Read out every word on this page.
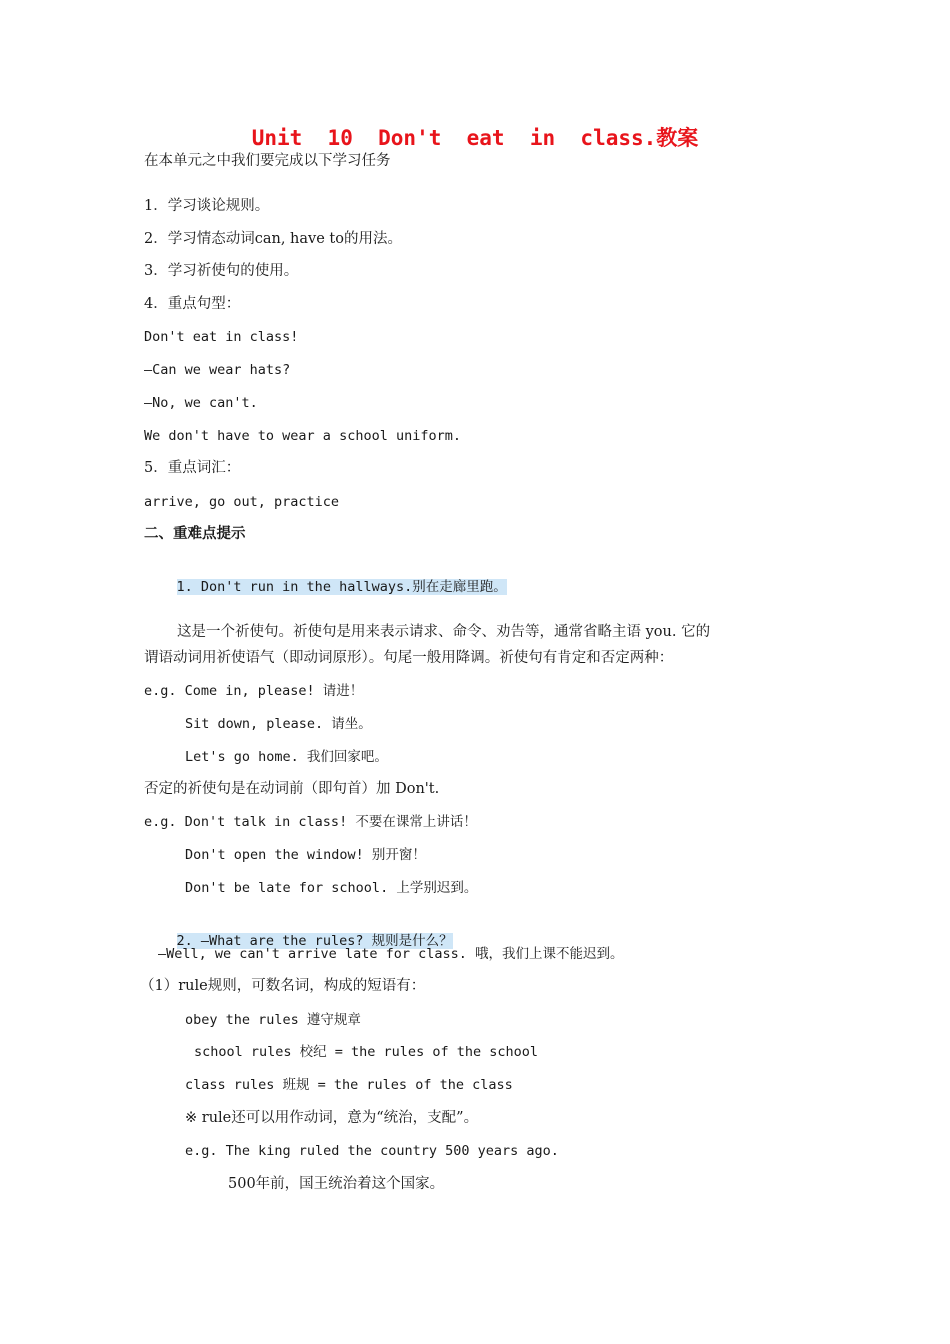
Unit  10  Don't  eat  in  class.教案
在本单元之中我们要完成以下学习任务
1．学习谈论规则。
2．学习情态动词can, have to的用法。
3．学习祈使句的使用。
4．重点句型：
Don't eat in class!
—Can we wear hats?
—No, we can't.
We don't have to wear a school uniform.
5．重点词汇：
arrive, go out, practice
二、重难点提示

1. Don't run in the hallways.别在走廊里跑。

这是一个祈使句。祈使句是用来表示请求、命令、劝告等，通常省略主语 you. 它的
谓语动词用祈使语气（即动词原形）。句尾一般用降调。祈使句有肯定和否定两种：
e.g. Come in, please! 请进！
Sit down, please. 请坐。
Let's go home. 我们回家吧。
否定的祈使句是在动词前（即句首）加 Don't.
e.g. Don't talk in class! 不要在课常上讲话！
Don't open the window! 别开窗！
Don't be late for school. 上学别迟到。

2. —What are the rules? 规则是什么？

—Well, we can't arrive late for class. 哦，我们上课不能迟到。
（1）rule规则，可数名词，构成的短语有：
obey the rules 遵守规章
school rules 校纪 = the rules of the school
class rules 班规 = the rules of the class
※ rule还可以用作动词，意为“统治，支配”。
e.g. The king ruled the country 500 years ago.
500年前，国王统治着这个国家。
